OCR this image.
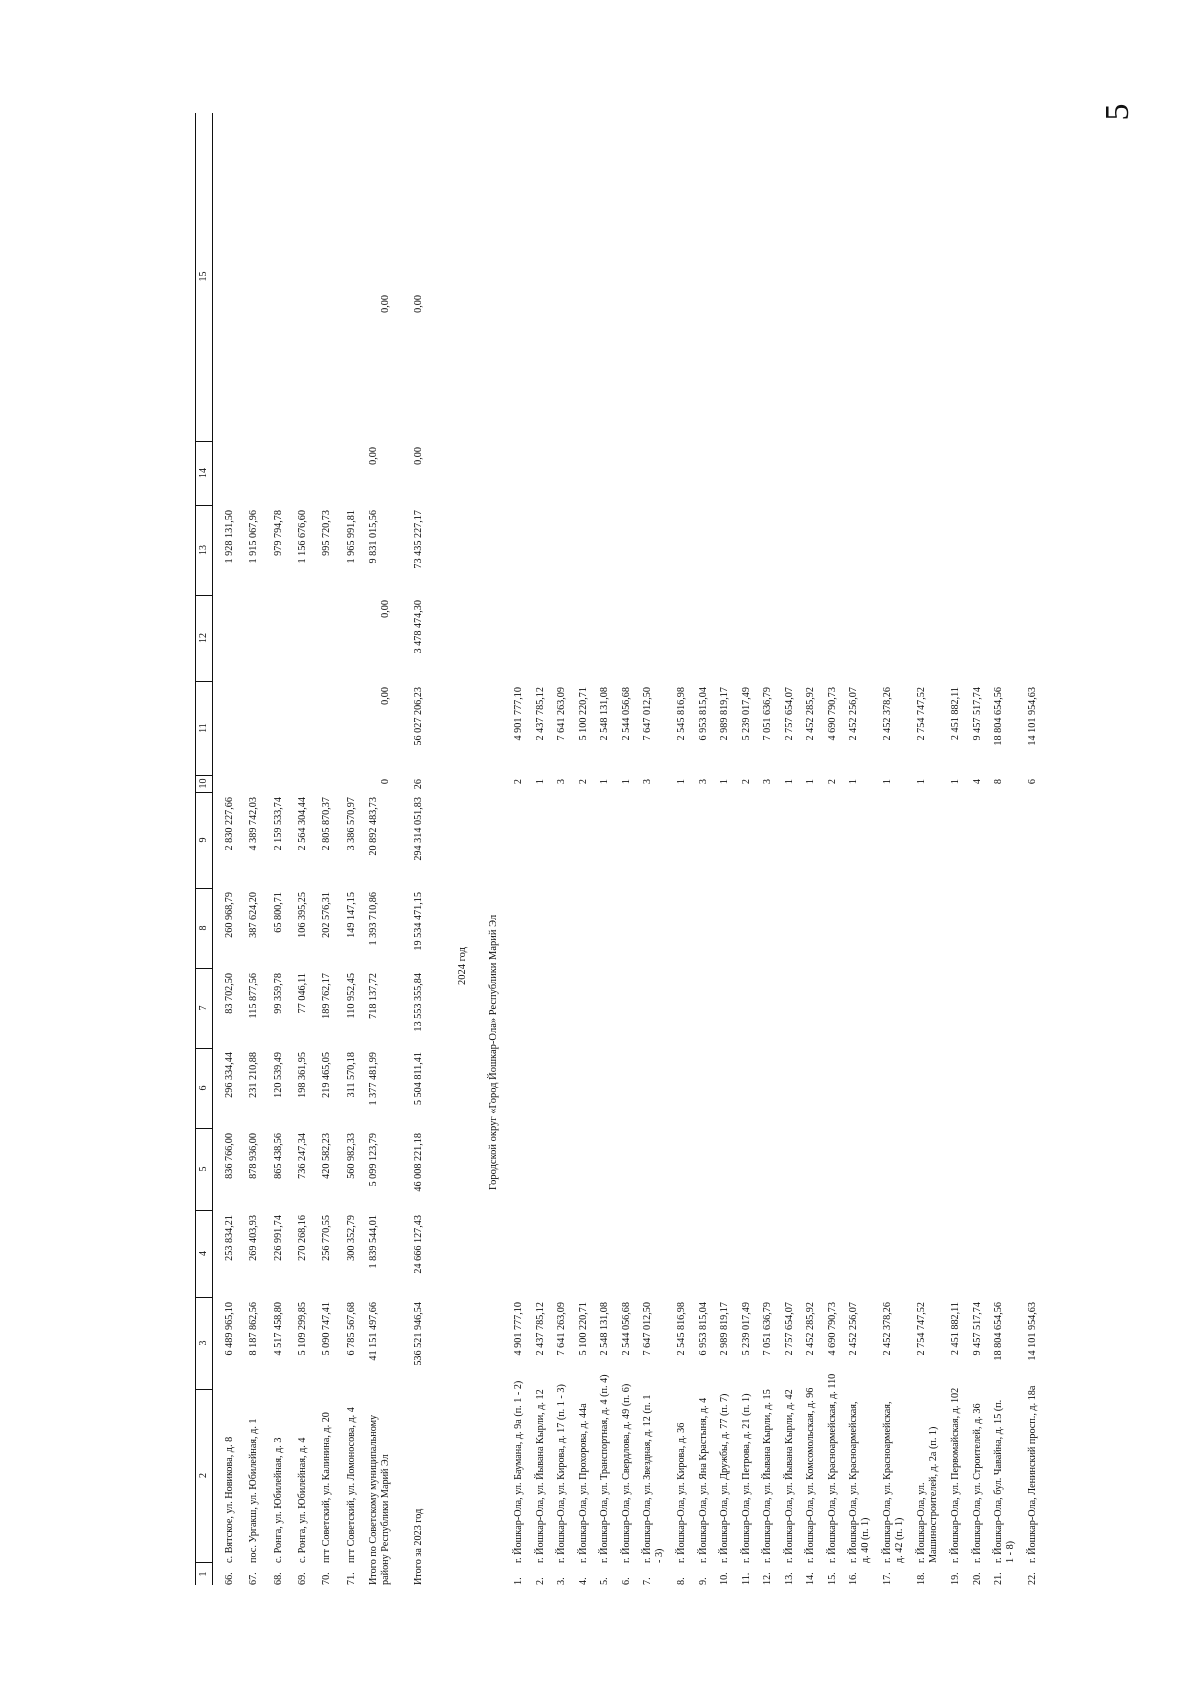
5
1
2
3
4
5
6
7
8
9
10
11
12
13
14
15
66.
с. Вятское, ул. Новикова, д. 8
6 489 965,10
253 834,21
836 766,00
296 334,44
83 702,50
260 968,79
2 830 227,66
1 928 131,50
67.
пос. Ургакш, ул. Юбилейная, д. 1
8 187 862,56
269 403,93
878 936,00
231 210,88
115 877,56
387 624,20
4 389 742,03
1 915 067,96
68.
с. Ронга, ул. Юбилейная, д. 3
4 517 458,80
226 991,74
865 438,56
120 539,49
99 359,78
65 800,71
2 159 533,74
979 794,78
69.
с. Ронга, ул. Юбилейная, д. 4
5 109 299,85
270 268,16
736 247,34
198 361,95
77 046,11
106 395,25
2 564 304,44
1 156 676,60
70.
пгт Советский, ул. Калинина, д. 20
5 090 747,41
256 770,55
420 582,23
219 465,05
189 762,17
202 576,31
2 805 870,37
995 720,73
71.
пгт Советский, ул. Ломоносова, д. 4
6 785 567,68
300 352,79
560 982,33
311 570,18
110 952,45
149 147,15
3 386 570,97
1 965 991,81
Итого по Советскому муниципальному району Республики Марий Эл
41 151 497,66
1 839 544,01
5 099 123,79
1 377 481,99
718 137,72
1 393 710,86
20 892 483,73
9 831 015,56
0,00
0
0,00
0,00
0,00
Итого за 2023 год
536 521 946,54
24 666 127,43
46 008 221,18
5 504 811,41
13 553 355,84
19 534 471,15
294 314 051,83
26
56 027 206,23
3 478 474,30
73 435 227,17
0,00
0,00
2024 год Городской округ «Город Йошкар-Ола» Республики Марий Эл
1.
г. Йошкар-Ола, ул. Баумана, д. 9а (п. 1 - 2)
4 901 777,10
2
4 901 777,10
2.
г. Йошкар-Ола, ул. Йывана Кырли, д. 12
2 437 785,12
1
2 437 785,12
3.
г. Йошкар-Ола, ул. Кирова, д. 17 (п. 1 - 3)
7 641 263,09
3
7 641 263,09
4.
г. Йошкар-Ола, ул. Прохорова, д. 44а
5 100 220,71
2
5 100 220,71
5.
г. Йошкар-Ола, ул. Транспортная, д. 4 (п. 4)
2 548 131,08
1
2 548 131,08
6.
г. Йошкар-Ола, ул. Свердлова, д. 49 (п. 6)
2 544 056,68
1
2 544 056,68
7.
г. Йошкар-Ола, ул. Звездная, д. 12 (п. 1 - 3)
7 647 012,50
3
7 647 012,50
8.
г. Йошкар-Ола, ул. Кирова, д. 36
2 545 816,98
1
2 545 816,98
9.
г. Йошкар-Ола, ул. Яна Крастыня, д. 4
6 953 815,04
3
6 953 815,04
10.
г. Йошкар-Ола, ул. Дружбы, д. 77 (п. 7)
2 989 819,17
1
2 989 819,17
11.
г. Йошкар-Ола, ул. Петрова, д. 21 (п. 1)
5 239 017,49
2
5 239 017,49
12.
г. Йошкар-Ола, ул. Йывана Кырли, д. 15
7 051 636,79
3
7 051 636,79
13.
г. Йошкар-Ола, ул. Йывана Кырли, д. 42
2 757 654,07
1
2 757 654,07
14.
г. Йошкар-Ола, ул. Комсомольская, д. 96
2 452 285,92
1
2 452 285,92
15.
г. Йошкар-Ола, ул. Красноармейская, д. 110
4 690 790,73
2
4 690 790,73
16.
г. Йошкар-Ола, ул. Красноармейская, д. 40 (п. 1)
2 452 256,07
1
2 452 256,07
17.
г. Йошкар-Ола, ул. Красноармейская, д. 42 (п. 1)
2 452 378,26
1
2 452 378,26
18.
г. Йошкар-Ола, ул. Машиностроителей, д. 2а (п. 1)
2 754 747,52
1
2 754 747,52
19.
г. Йошкар-Ола, ул. Первомайская, д. 102
2 451 882,11
1
2 451 882,11
20.
г. Йошкар-Ола, ул. Строителей, д. 36
9 457 517,74
4
9 457 517,74
21.
г. Йошкар-Ола, бул. Чавайна, д. 15 (п. 1 - 8)
18 804 654,56
8
18 804 654,56
22.
г. Йошкар-Ола, Ленинский просп., д. 18а
14 101 954,63
6
14 101 954,63
